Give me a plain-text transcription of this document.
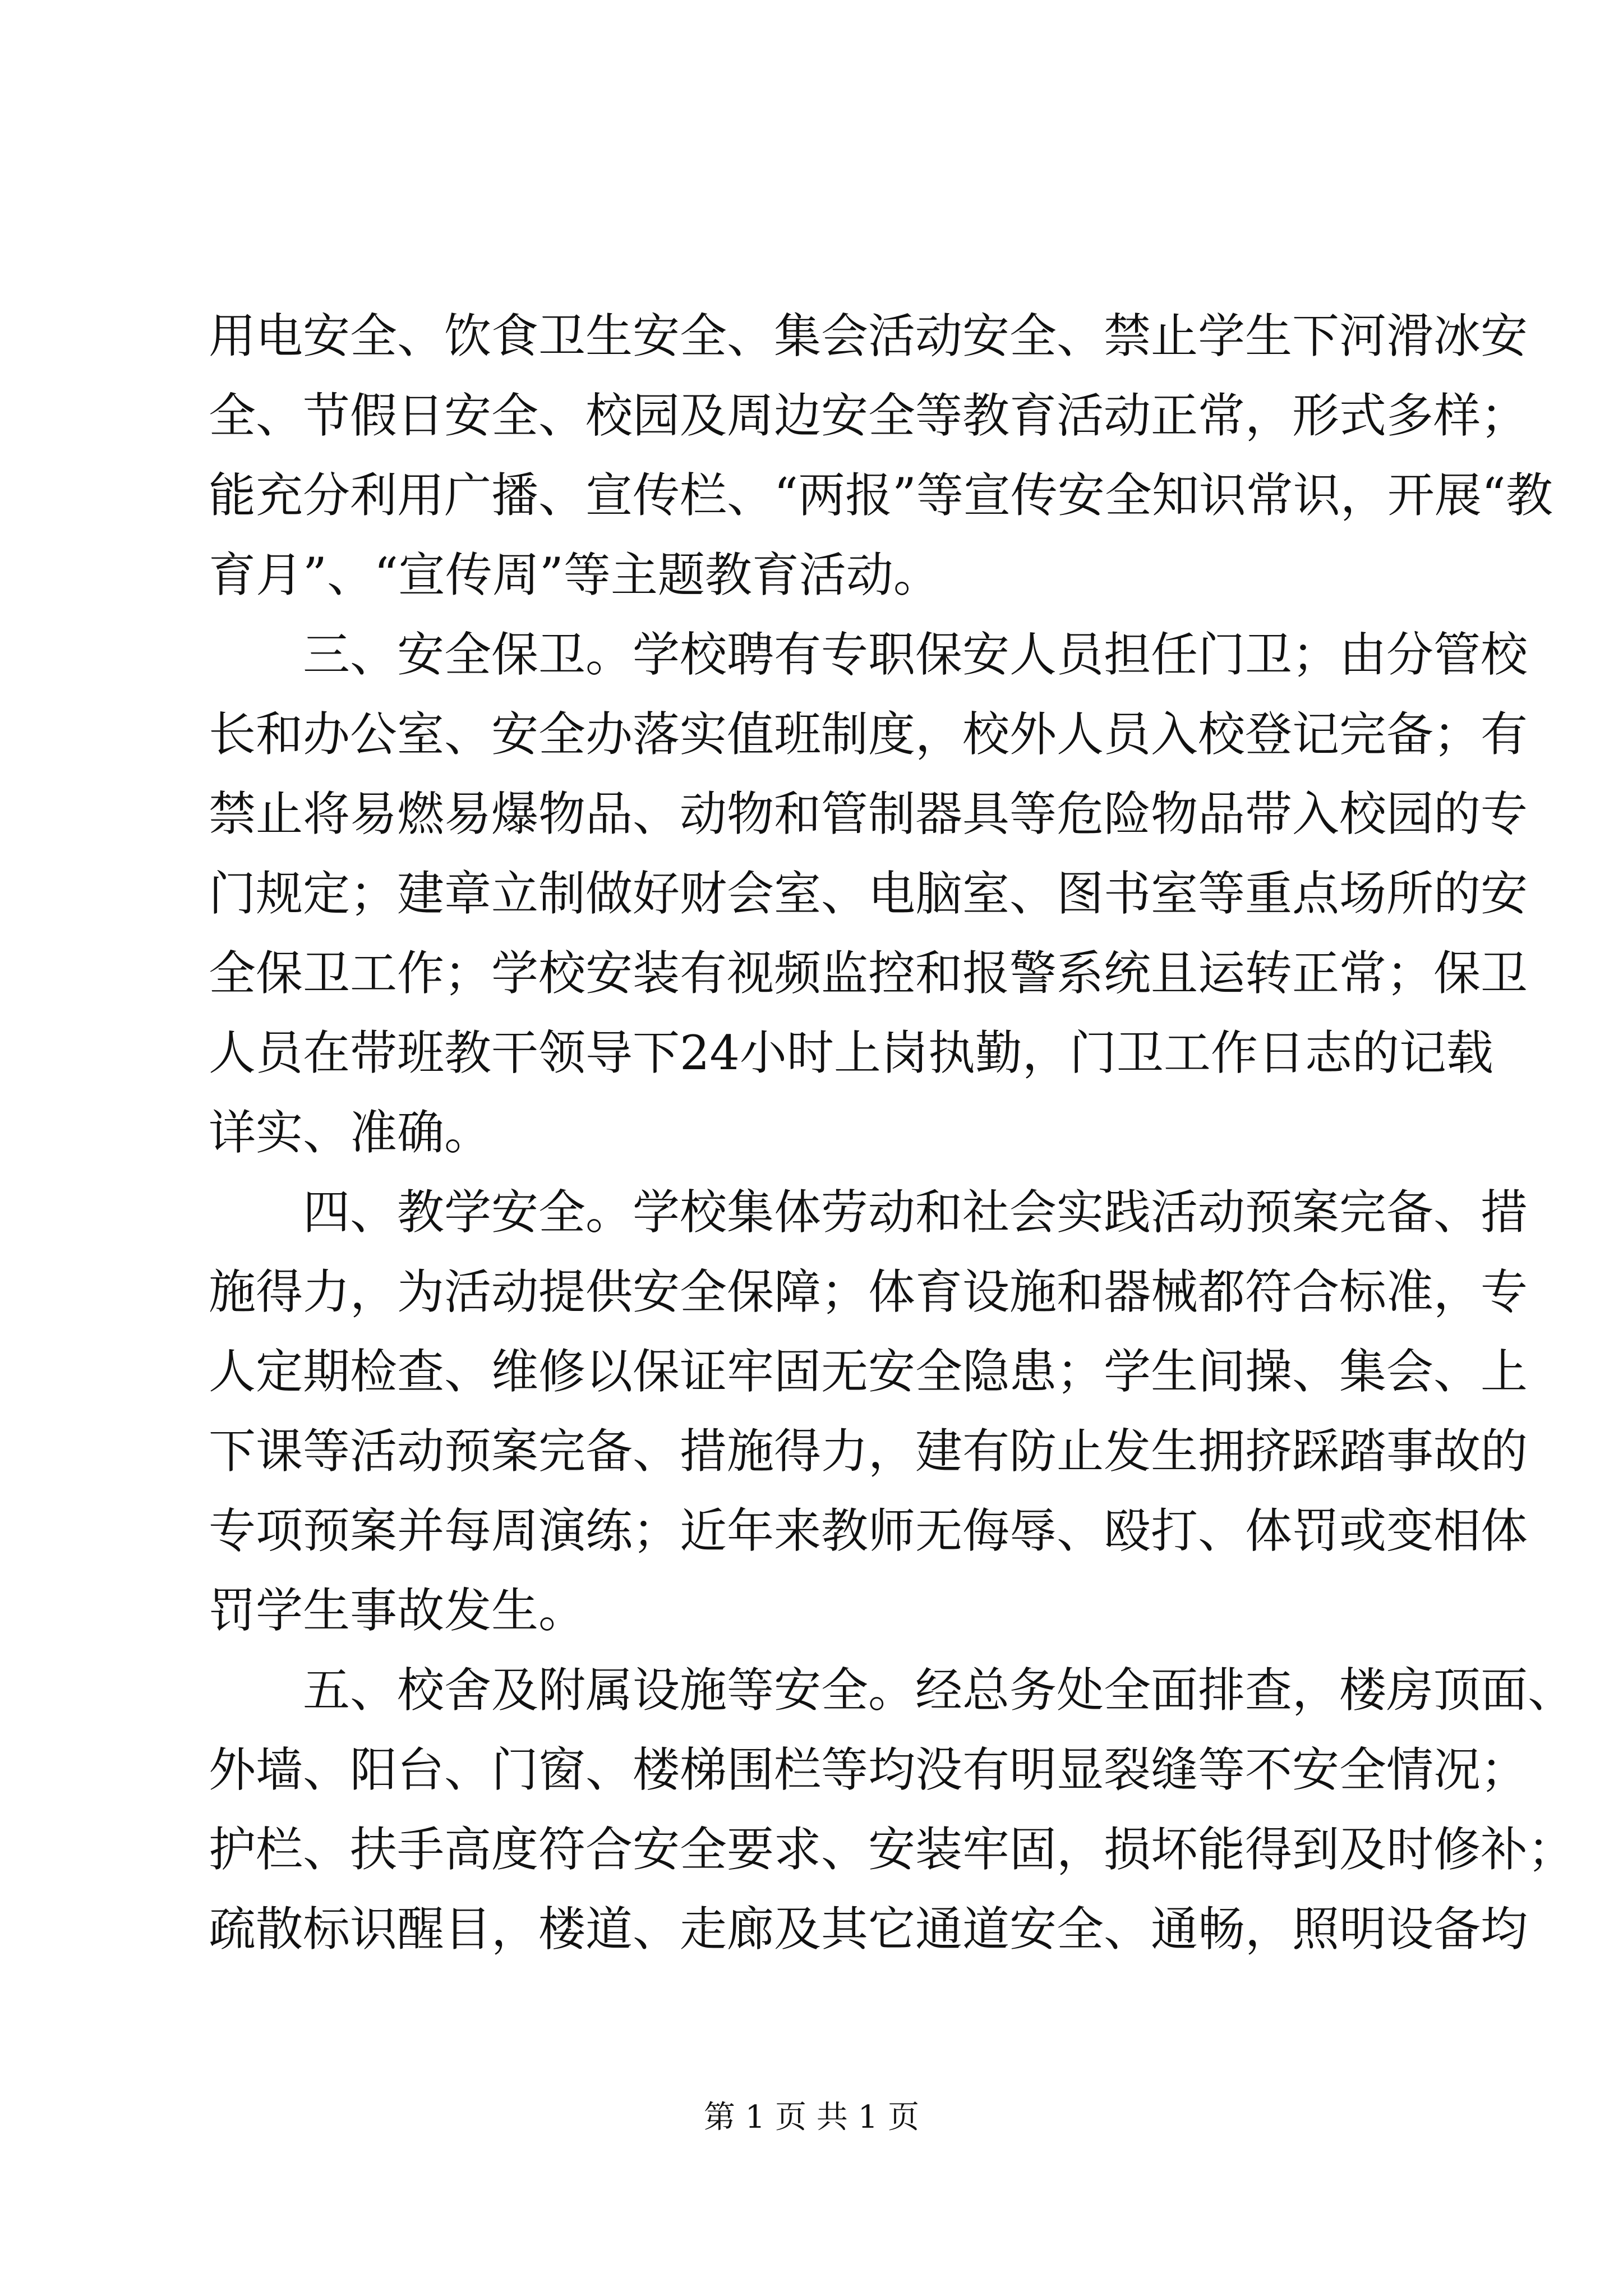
用电安全、饮食卫生安全、集会活动安全、禁止学生下河滑冰安

全、节假日安全、校园及周边安全等教育活动正常，形式多样；

能充分利用广播、宣传栏、“两报”等宣传安全知识常识，开展“教

育月”、“宣传周”等主题教育活动。

　　三、安全保卫。学校聘有专职保安人员担任门卫；由分管校

长和办公室、安全办落实值班制度，校外人员入校登记完备；有

禁止将易燃易爆物品、动物和管制器具等危险物品带入校园的专

门规定；建章立制做好财会室、电脑室、图书室等重点场所的安

全保卫工作；学校安装有视频监控和报警系统且运转正常；保卫

人员在带班教干领导下24小时上岗执勤，门卫工作日志的记载

详实、准确。

　　四、教学安全。学校集体劳动和社会实践活动预案完备、措

施得力，为活动提供安全保障；体育设施和器械都符合标准，专

人定期检查、维修以保证牢固无安全隐患；学生间操、集会、上

下课等活动预案完备、措施得力，建有防止发生拥挤踩踏事故的

专项预案并每周演练；近年来教师无侮辱、殴打、体罚或变相体

罚学生事故发生。

　　五、校舍及附属设施等安全。经总务处全面排查，楼房顶面、

外墙、阳台、门窗、楼梯围栏等均没有明显裂缝等不安全情况；

护栏、扶手高度符合安全要求、安装牢固，损坏能得到及时修补；

疏散标识醒目，楼道、走廊及其它通道安全、通畅，照明设备均

第 1 页 共 1 页
